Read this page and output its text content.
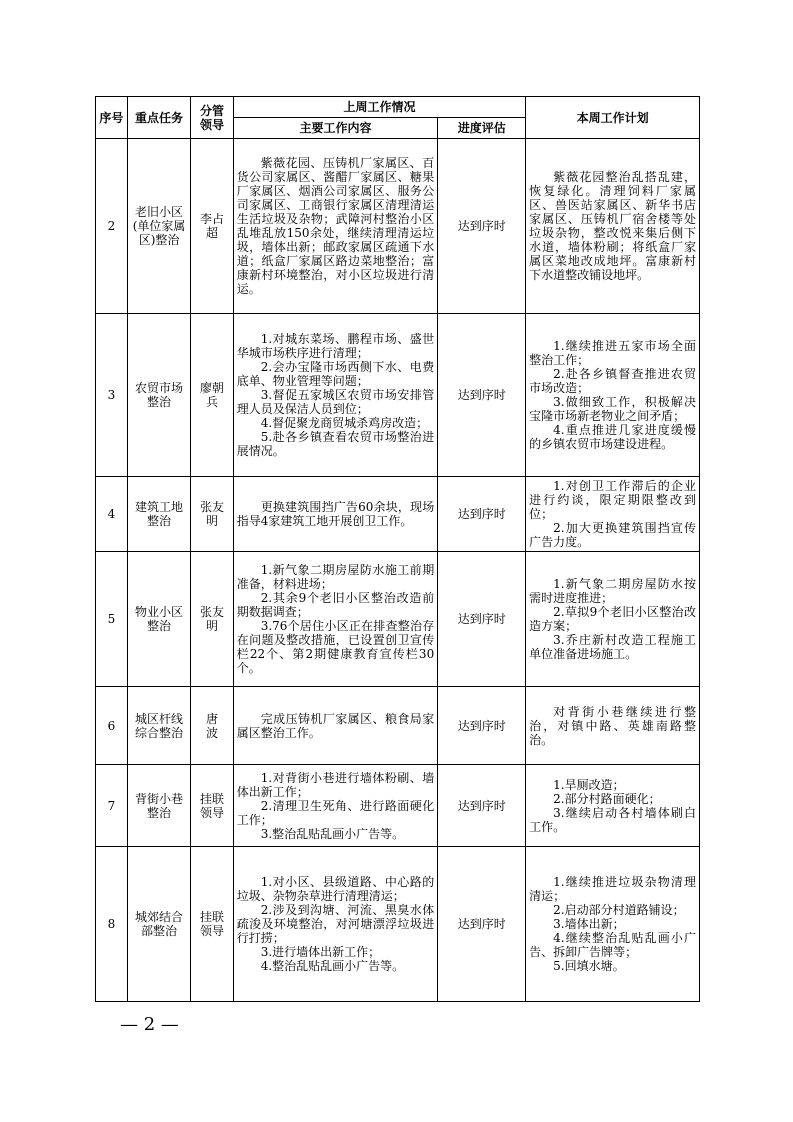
序号	重点任务	分管领导	上周工作情况		本周工作计划
			主要工作内容	进度评估	
2	老旧小区(单位家属区)整治	李占超	紫薇花园、压铸机厂家属区、百货公司家属区、酱醋厂家属区、糖果厂家属区、烟酒公司家属区、服务公司家属区、工商银行家属区清理清运生活垃圾及杂物；武障河村整治小区乱堆乱放150余处，继续清理清运垃圾，墙体出新；邮政家属区疏通下水道；纸盒厂家属区路边菜地整治；富康新村环境整治，对小区垃圾进行清运。	达到序时	紫薇花园整治乱搭乱建，恢复绿化。清理饲料厂家属区、兽医站家属区、新华书店家属区、压铸机厂宿舍楼等处垃圾杂物，整改悦来集后侧下水道，墙体粉刷；将纸盒厂家属区菜地改成地坪。富康新村下水道整改铺设地坪。

3	农贸市场整治	廖朝兵	1.对城东菜场、鹏程市场、盛世华城市场秩序进行清理；
2.会办宝隆市场西侧下水、电费底单、物业管理等问题；
3.督促五家城区农贸市场安排管理人员及保洁人员到位；
4.督促聚龙商贸城杀鸡房改造；
5.赴各乡镇查看农贸市场整治进展情况。	达到序时	1.继续推进五家市场全面整治工作；
2.赴各乡镇督查推进农贸市场改造；
3.做细致工作，积极解决宝隆市场新老物业之间矛盾；
4.重点推进几家进度缓慢的乡镇农贸市场建设进程。

4	建筑工地整治	张友明	更换建筑围挡广告60余块，现场指导4家建筑工地开展创卫工作。	达到序时	1.对创卫工作滞后的企业进行约谈，限定期限整改到位；
2.加大更换建筑围挡宣传广告力度。

5	物业小区整治	张友明	1.新气象二期房屋防水施工前期准备，材料进场；
2.其余9个老旧小区整治改造前期数据调查；
3.76个居住小区正在排查整治存在问题及整改措施，已设置创卫宣传栏22个、第2期健康教育宣传栏30个。	达到序时	1.新气象二期房屋防水按需时进度推进；
2.草拟9个老旧小区整治改造方案；
3.乔庄新村改造工程施工单位准备进场施工。

6	城区杆线综合整治	唐　波	完成压铸机厂家属区、粮食局家属区整治工作。	达到序时	对背街小巷继续进行整治，对镇中路、英雄南路整治。

7	背街小巷整治	挂联领导	1.对背街小巷进行墙体粉刷、墙体出新工作；
2.清理卫生死角、进行路面硬化工作；
3.整治乱贴乱画小广告等。	达到序时	1.旱厕改造；
2.部分村路面硬化；
3.继续启动各村墙体刷白工作。

8	城郊结合部整治	挂联领导	1.对小区、县级道路、中心路的垃圾、杂物杂草进行清理清运；
2.涉及到沟塘、河流、黑臭水体疏浚及环境整治，对河塘漂浮垃圾进行打捞；
3.进行墙体出新工作；
4.整治乱贴乱画小广告等。	达到序时	1.继续推进垃圾杂物清理清运；
2.启动部分村道路铺设；
3.墙体出新；
4.继续整治乱贴乱画小广告、拆卸广告牌等；
5.回填水塘。
— 2 —
